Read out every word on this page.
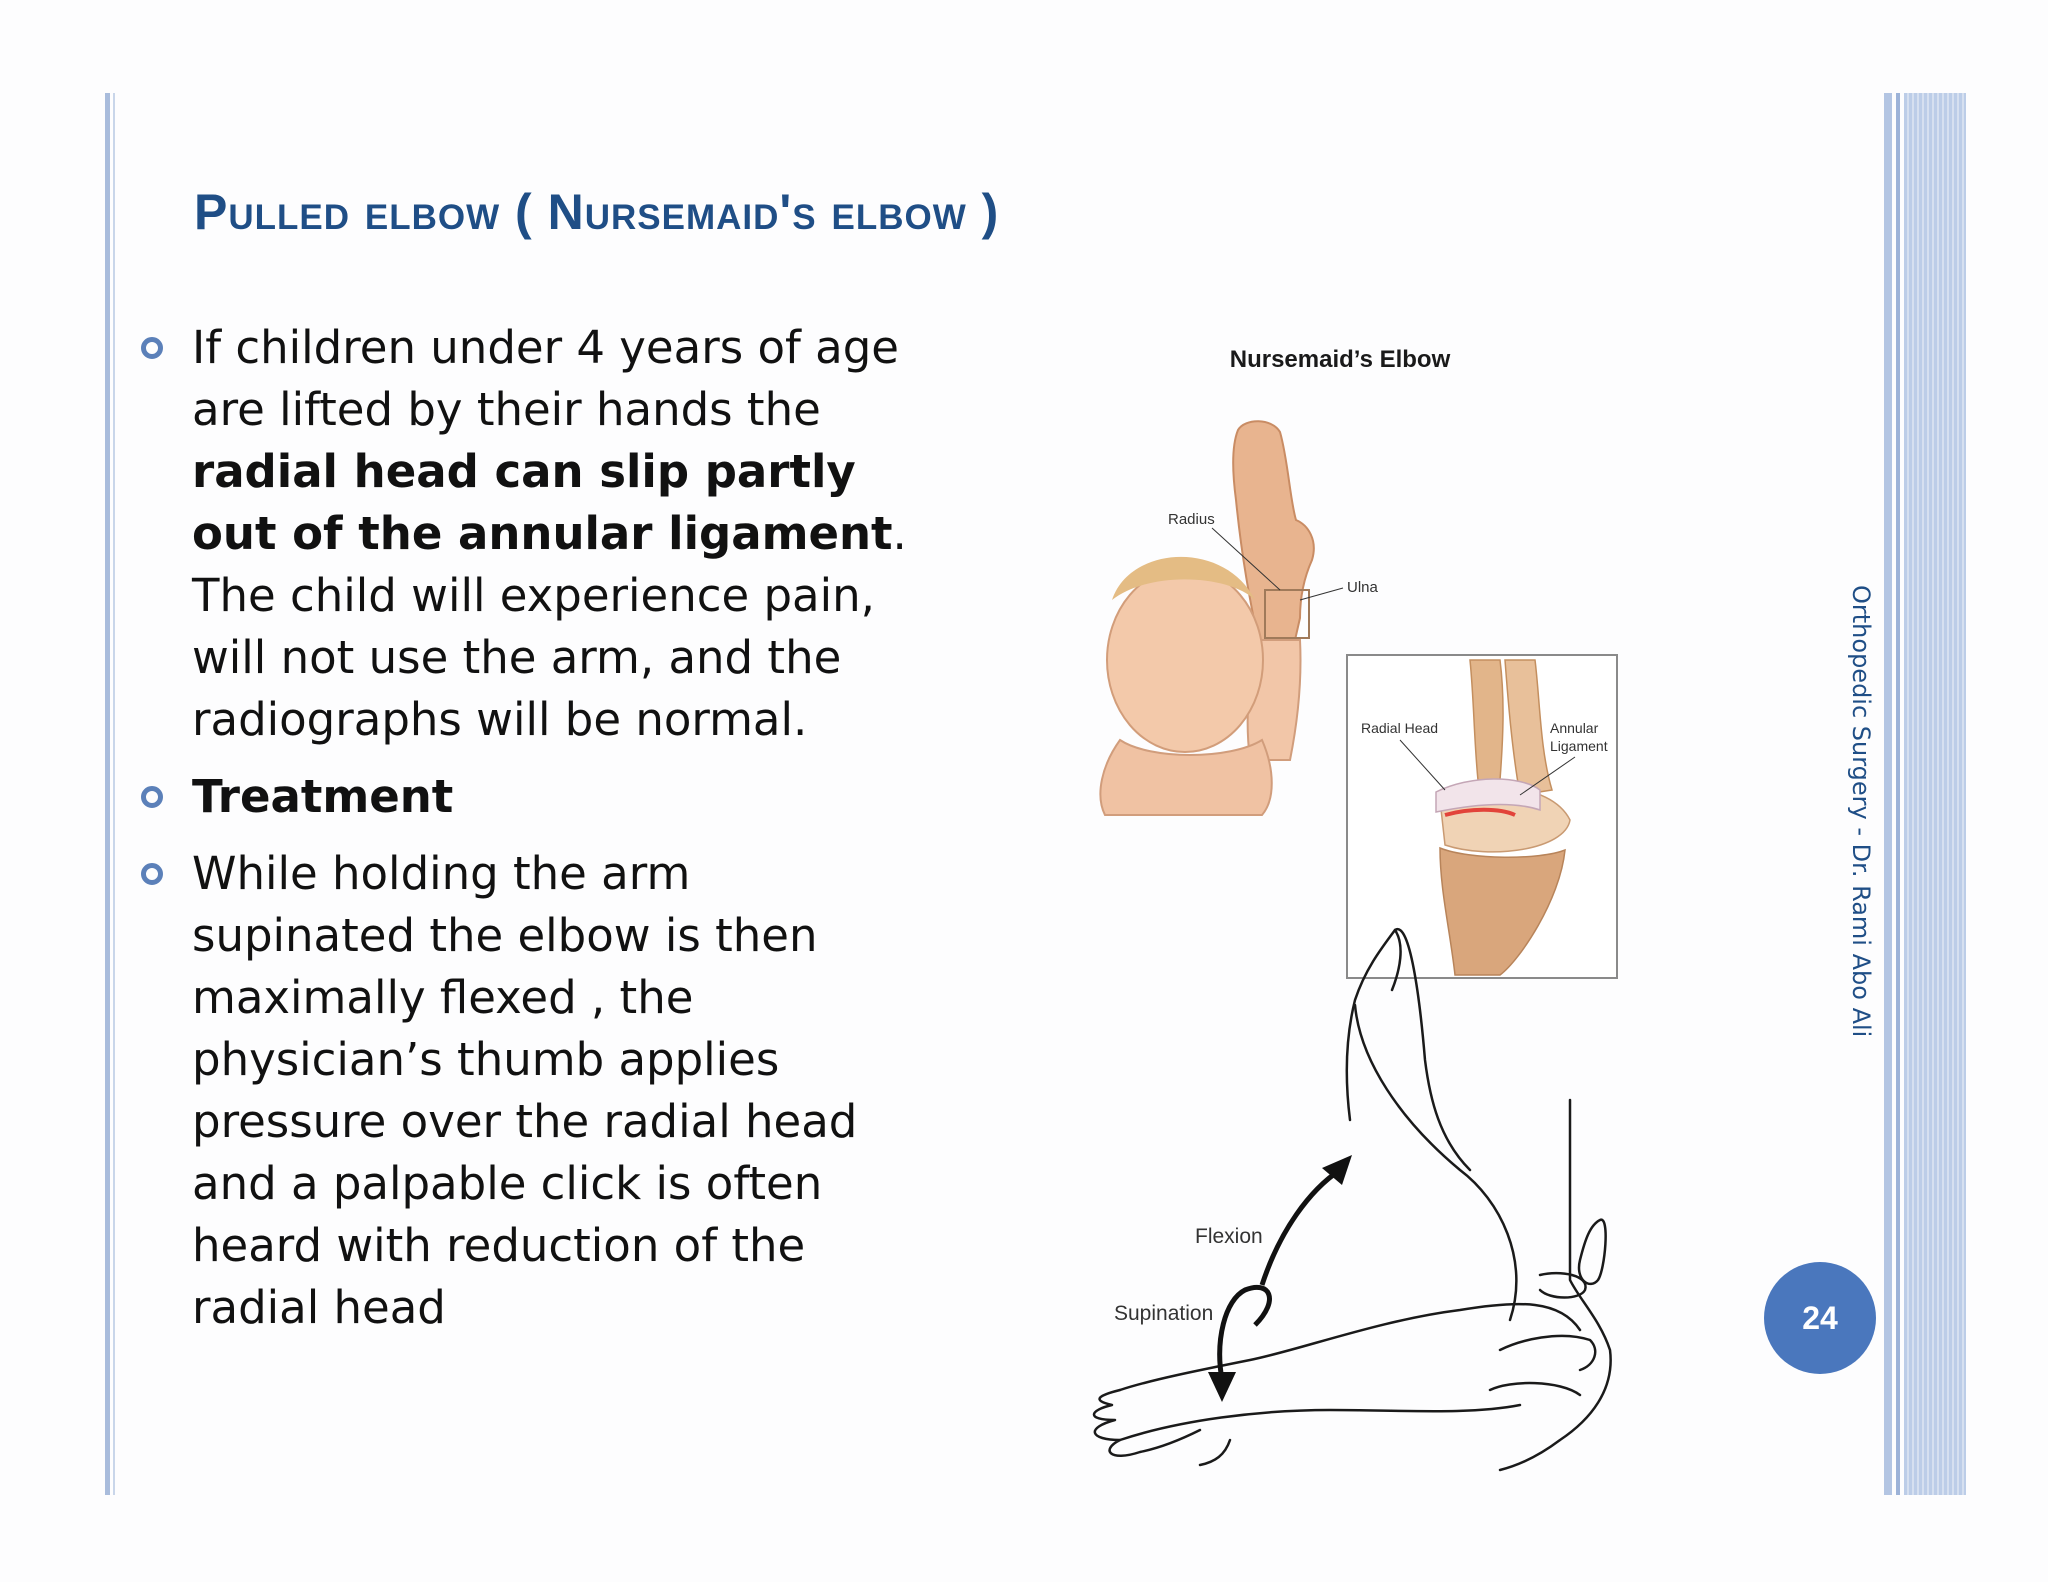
Pulled elbow ( Nursemaid's elbow )
If children under 4 years of age are lifted by their hands the radial head can slip partly out of the annular ligament. The child will experience pain, will not use the arm, and the radiographs will be normal.
Treatment
While holding the arm supinated the elbow is then maximally flexed , the physician’s thumb applies pressure over the radial head and a palpable click is often heard with reduction of the radial head
Nursemaid’s Elbow
Radius
Ulna
Radial Head	Annular
Ligament
Flexion
Supination
Orthopedic Surgery - Dr. Rami Abo Ali
24
